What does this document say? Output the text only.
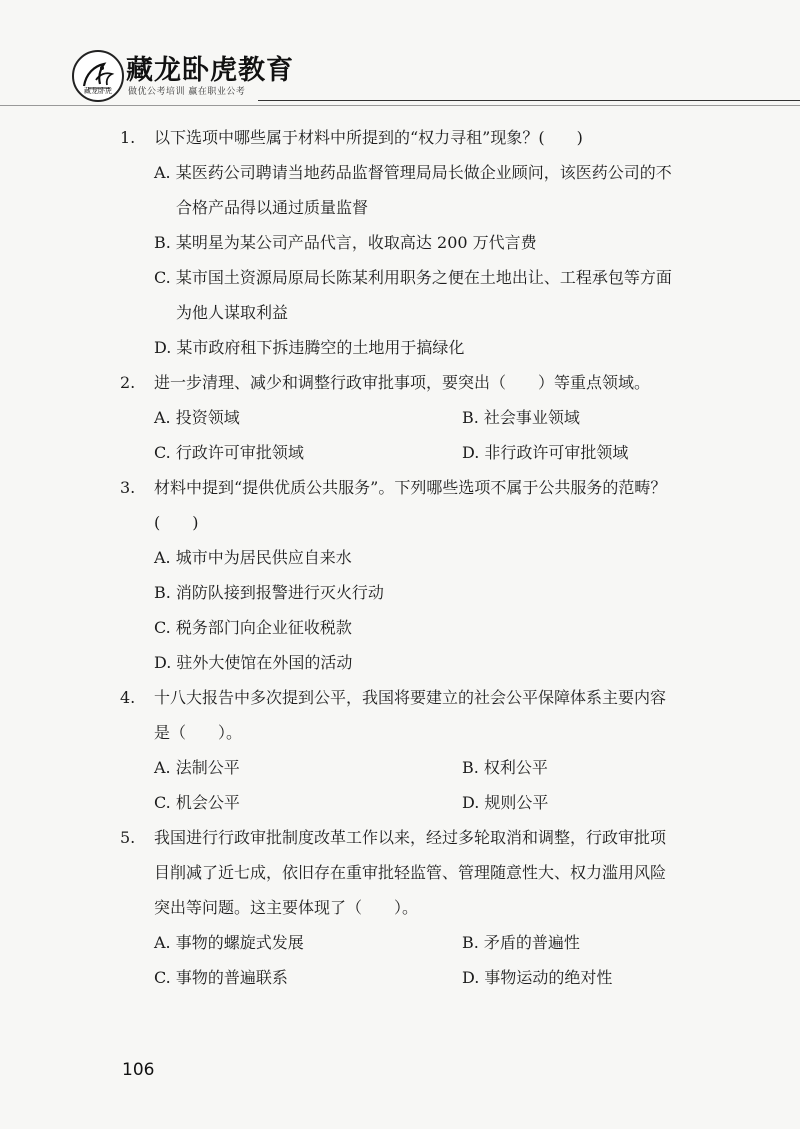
藏龙卧虎
藏龙卧虎教育
做优公考培训 赢在职业公考
1.	以下选项中哪些属于材料中所提到的“权力寻租”现象？(　　)
A. 某医药公司聘请当地药品监督管理局局长做企业顾问，该医药公司的不
合格产品得以通过质量监督
B. 某明星为某公司产品代言，收取高达 200 万代言费
C. 某市国土资源局原局长陈某利用职务之便在土地出让、工程承包等方面
为他人谋取利益
D. 某市政府租下拆违腾空的土地用于搞绿化
2.	进一步清理、减少和调整行政审批事项，要突出（　　）等重点领域。
A. 投资领域	B. 社会事业领域
C. 行政许可审批领域	D. 非行政许可审批领域
3.	材料中提到“提供优质公共服务”。下列哪些选项不属于公共服务的范畴？
(　　)
A. 城市中为居民供应自来水
B. 消防队接到报警进行灭火行动
C. 税务部门向企业征收税款
D. 驻外大使馆在外国的活动
4.	十八大报告中多次提到公平，我国将要建立的社会公平保障体系主要内容
是（　　）。
A. 法制公平	B. 权利公平
C. 机会公平	D. 规则公平
5.	我国进行行政审批制度改革工作以来，经过多轮取消和调整，行政审批项
目削减了近七成，依旧存在重审批轻监管、管理随意性大、权力滥用风险
突出等问题。这主要体现了（　　）。
A. 事物的螺旋式发展	B. 矛盾的普遍性
C. 事物的普遍联系	D. 事物运动的绝对性
106
